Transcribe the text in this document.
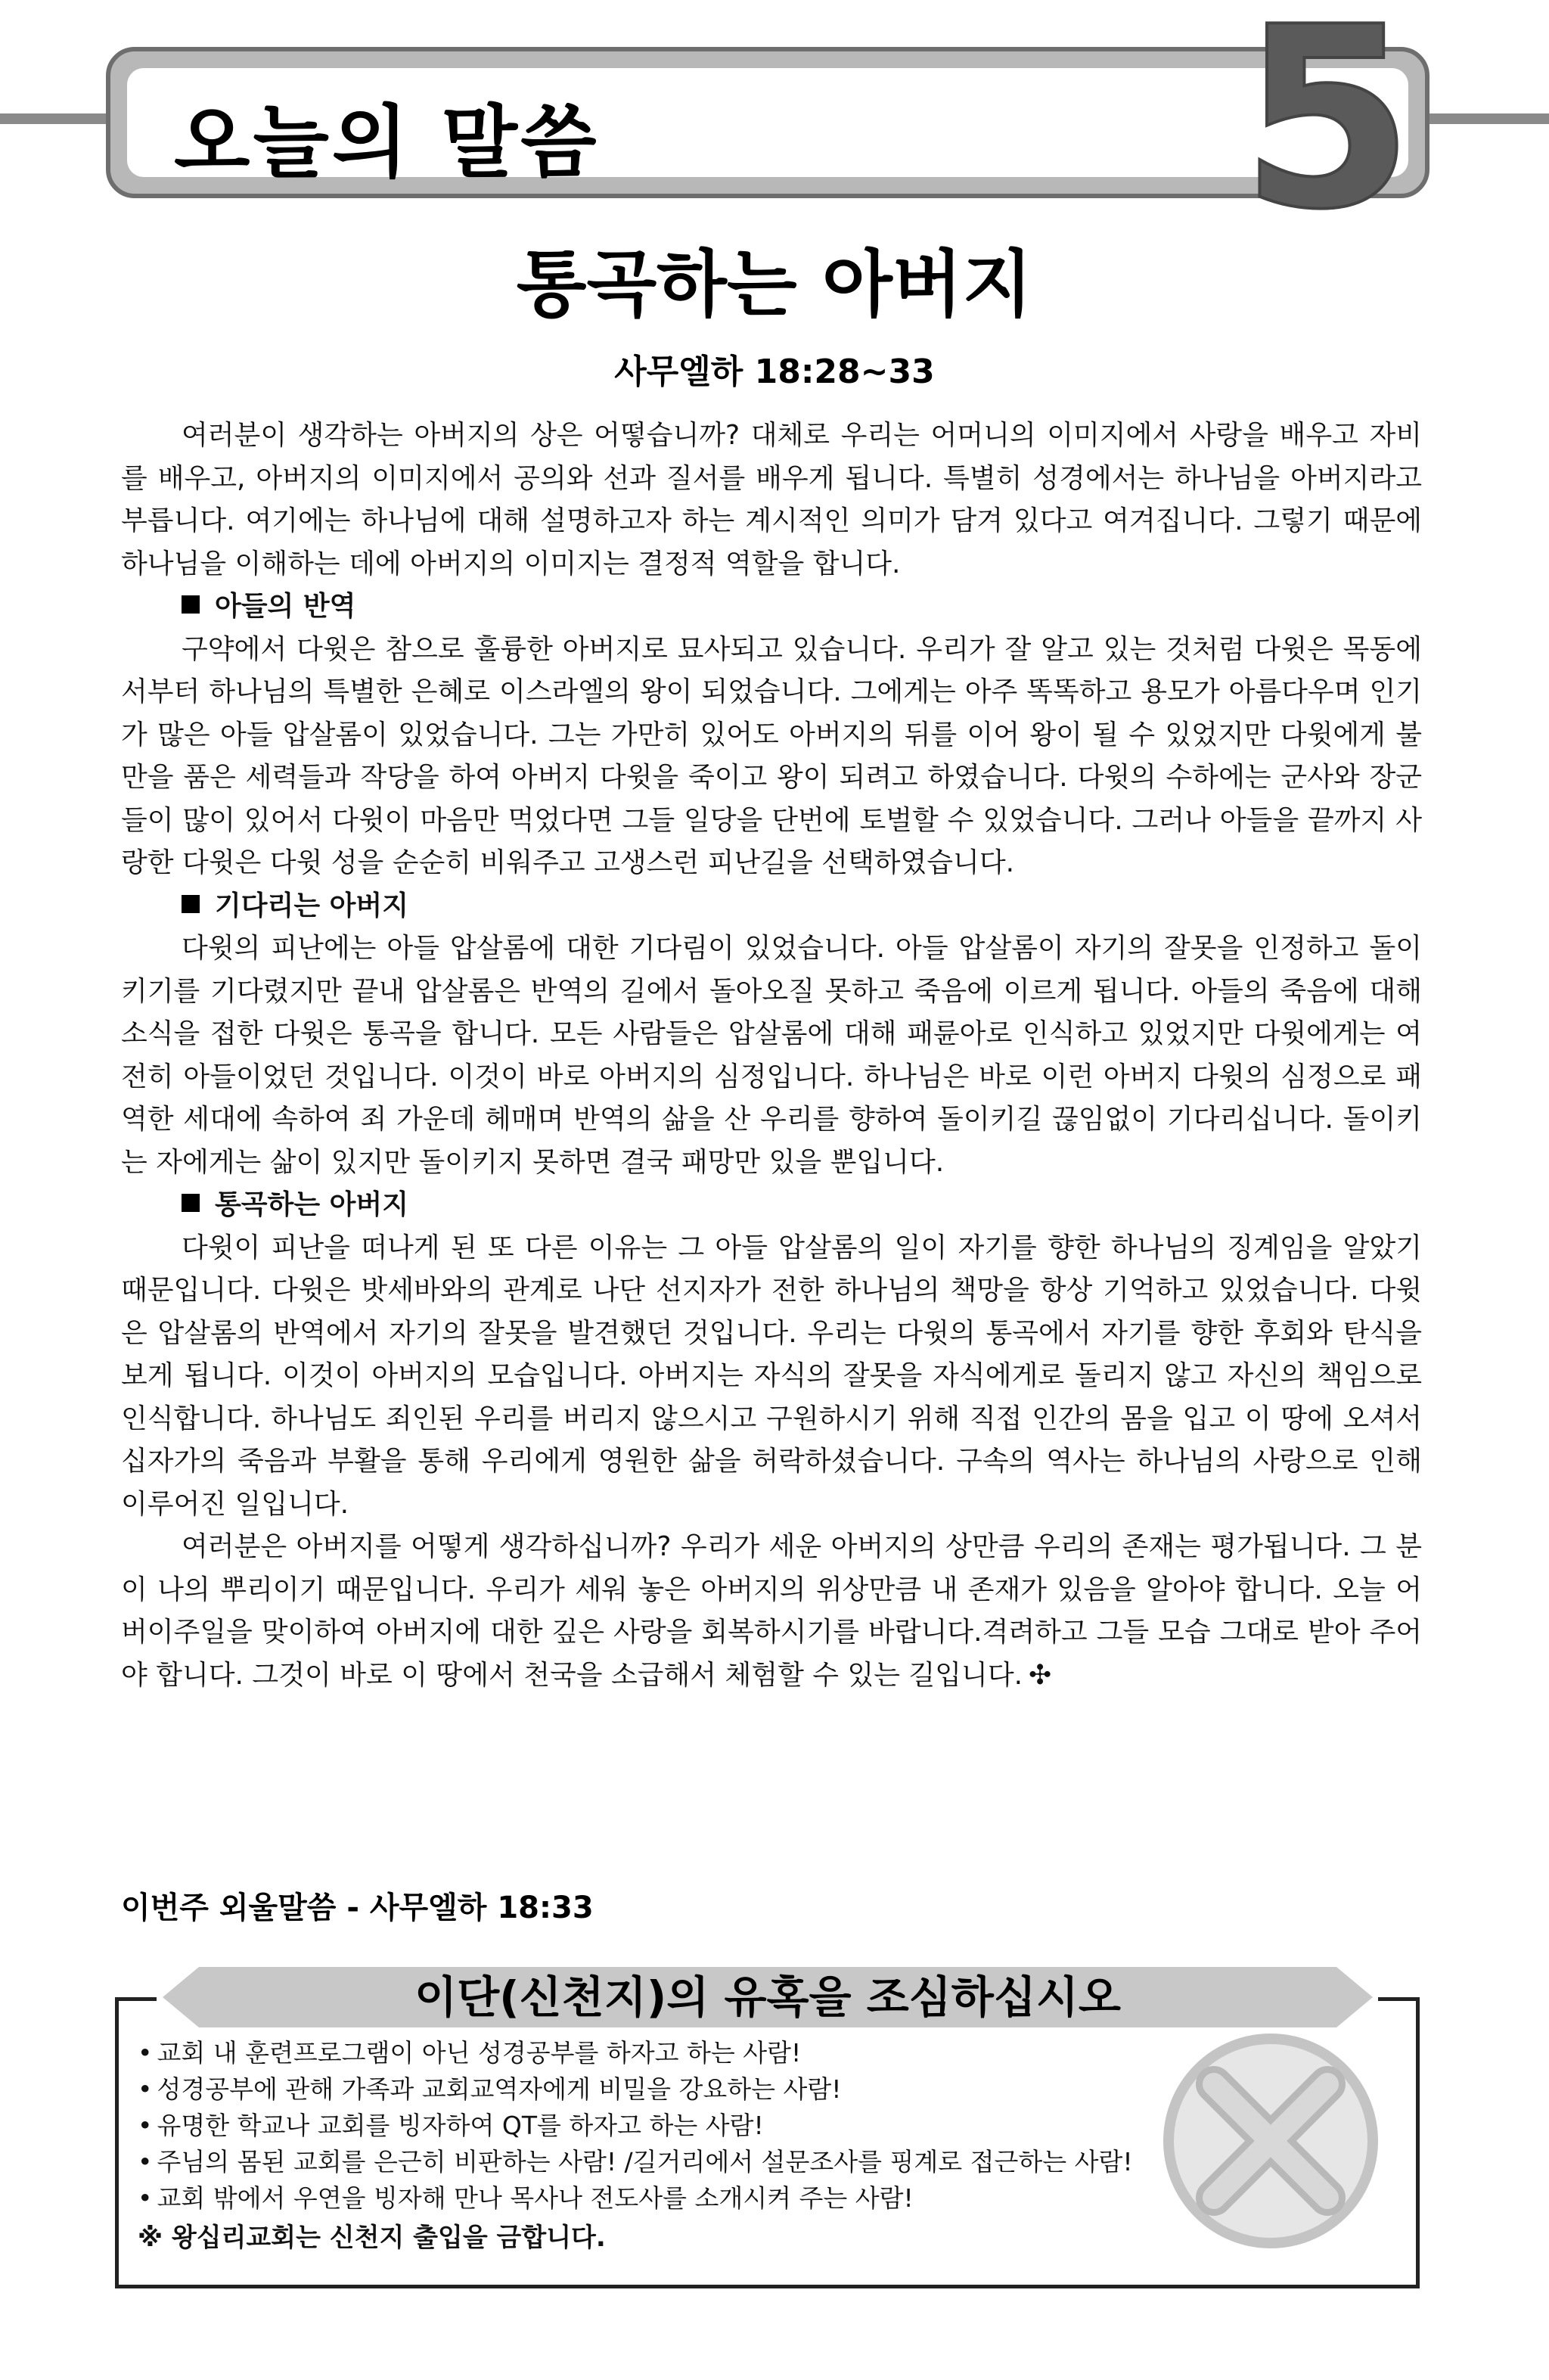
오늘의 말씀	5
통곡하는 아버지
사무엘하 18:28~33

여러분이 생각하는 아버지의 상은 어떻습니까? 대체로 우리는 어머니의 이미지에서 사랑을 배우고 자비를 배우고, 아버지의 이미지에서 공의와 선과 질서를 배우게 됩니다. 특별히 성경에서는 하나님을 아버지라고 부릅니다. 여기에는 하나님에 대해 설명하고자 하는 계시적인 의미가 담겨 있다고 여겨집니다. 그렇기 때문에 하나님을 이해하는 데에 아버지의 이미지는 결정적 역할을 합니다.

아들의 반역

구약에서 다윗은 참으로 훌륭한 아버지로 묘사되고 있습니다. 우리가 잘 알고 있는 것처럼 다윗은 목동에서부터 하나님의 특별한 은혜로 이스라엘의 왕이 되었습니다. 그에게는 아주 똑똑하고 용모가 아름다우며 인기가 많은 아들 압살롬이 있었습니다. 그는 가만히 있어도 아버지의 뒤를 이어 왕이 될 수 있었지만 다윗에게 불만을 품은 세력들과 작당을 하여 아버지 다윗을 죽이고 왕이 되려고 하였습니다. 다윗의 수하에는 군사와 장군들이 많이 있어서 다윗이 마음만 먹었다면 그들 일당을 단번에 토벌할 수 있었습니다. 그러나 아들을 끝까지 사랑한 다윗은 다윗 성을 순순히 비워주고 고생스런 피난길을 선택하였습니다.

기다리는 아버지

다윗의 피난에는 아들 압살롬에 대한 기다림이 있었습니다. 아들 압살롬이 자기의 잘못을 인정하고 돌이키기를 기다렸지만 끝내 압살롬은 반역의 길에서 돌아오질 못하고 죽음에 이르게 됩니다. 아들의 죽음에 대해 소식을 접한 다윗은 통곡을 합니다. 모든 사람들은 압살롬에 대해 패륜아로 인식하고 있었지만 다윗에게는 여전히 아들이었던 것입니다. 이것이 바로 아버지의 심정입니다. 하나님은 바로 이런 아버지 다윗의 심정으로 패역한 세대에 속하여 죄 가운데 헤매며 반역의 삶을 산 우리를 향하여 돌이키길 끊임없이 기다리십니다. 돌이키는 자에게는 삶이 있지만 돌이키지 못하면 결국 패망만 있을 뿐입니다.

통곡하는 아버지

다윗이 피난을 떠나게 된 또 다른 이유는 그 아들 압살롬의 일이 자기를 향한 하나님의 징계임을 알았기 때문입니다. 다윗은 밧세바와의 관계로 나단 선지자가 전한 하나님의 책망을 항상 기억하고 있었습니다. 다윗은 압살롬의 반역에서 자기의 잘못을 발견했던 것입니다. 우리는 다윗의 통곡에서 자기를 향한 후회와 탄식을 보게 됩니다. 이것이 아버지의 모습입니다. 아버지는 자식의 잘못을 자식에게로 돌리지 않고 자신의 책임으로 인식합니다. 하나님도 죄인된 우리를 버리지 않으시고 구원하시기 위해 직접 인간의 몸을 입고 이 땅에 오셔서 십자가의 죽음과 부활을 통해 우리에게 영원한 삶을 허락하셨습니다. 구속의 역사는 하나님의 사랑으로 인해 이루어진 일입니다.

여러분은 아버지를 어떻게 생각하십니까? 우리가 세운 아버지의 상만큼 우리의 존재는 평가됩니다. 그 분이 나의 뿌리이기 때문입니다. 우리가 세워 놓은 아버지의 위상만큼 내 존재가 있음을 알아야 합니다. 오늘 어버이주일을 맞이하여 아버지에 대한 깊은 사랑을 회복하시기를 바랍니다.격려하고 그들 모습 그대로 받아 주어야 합니다. 그것이 바로 이 땅에서 천국을 소급해서 체험할 수 있는 길입니다. ✣

이번주 외울말씀 - 사무엘하 18:33
이단(신천지)의 유혹을 조심하십시오
• 교회 내 훈련프로그램이 아닌 성경공부를 하자고 하는 사람!
• 성경공부에 관해 가족과 교회교역자에게 비밀을 강요하는 사람!
• 유명한 학교나 교회를 빙자하여 QT를 하자고 하는 사람!
• 주님의 몸된 교회를 은근히 비판하는 사람! /길거리에서 설문조사를 핑계로 접근하는 사람!
• 교회 밖에서 우연을 빙자해 만나 목사나 전도사를 소개시켜 주는 사람!
※ 왕십리교회는 신천지 출입을 금합니다.
